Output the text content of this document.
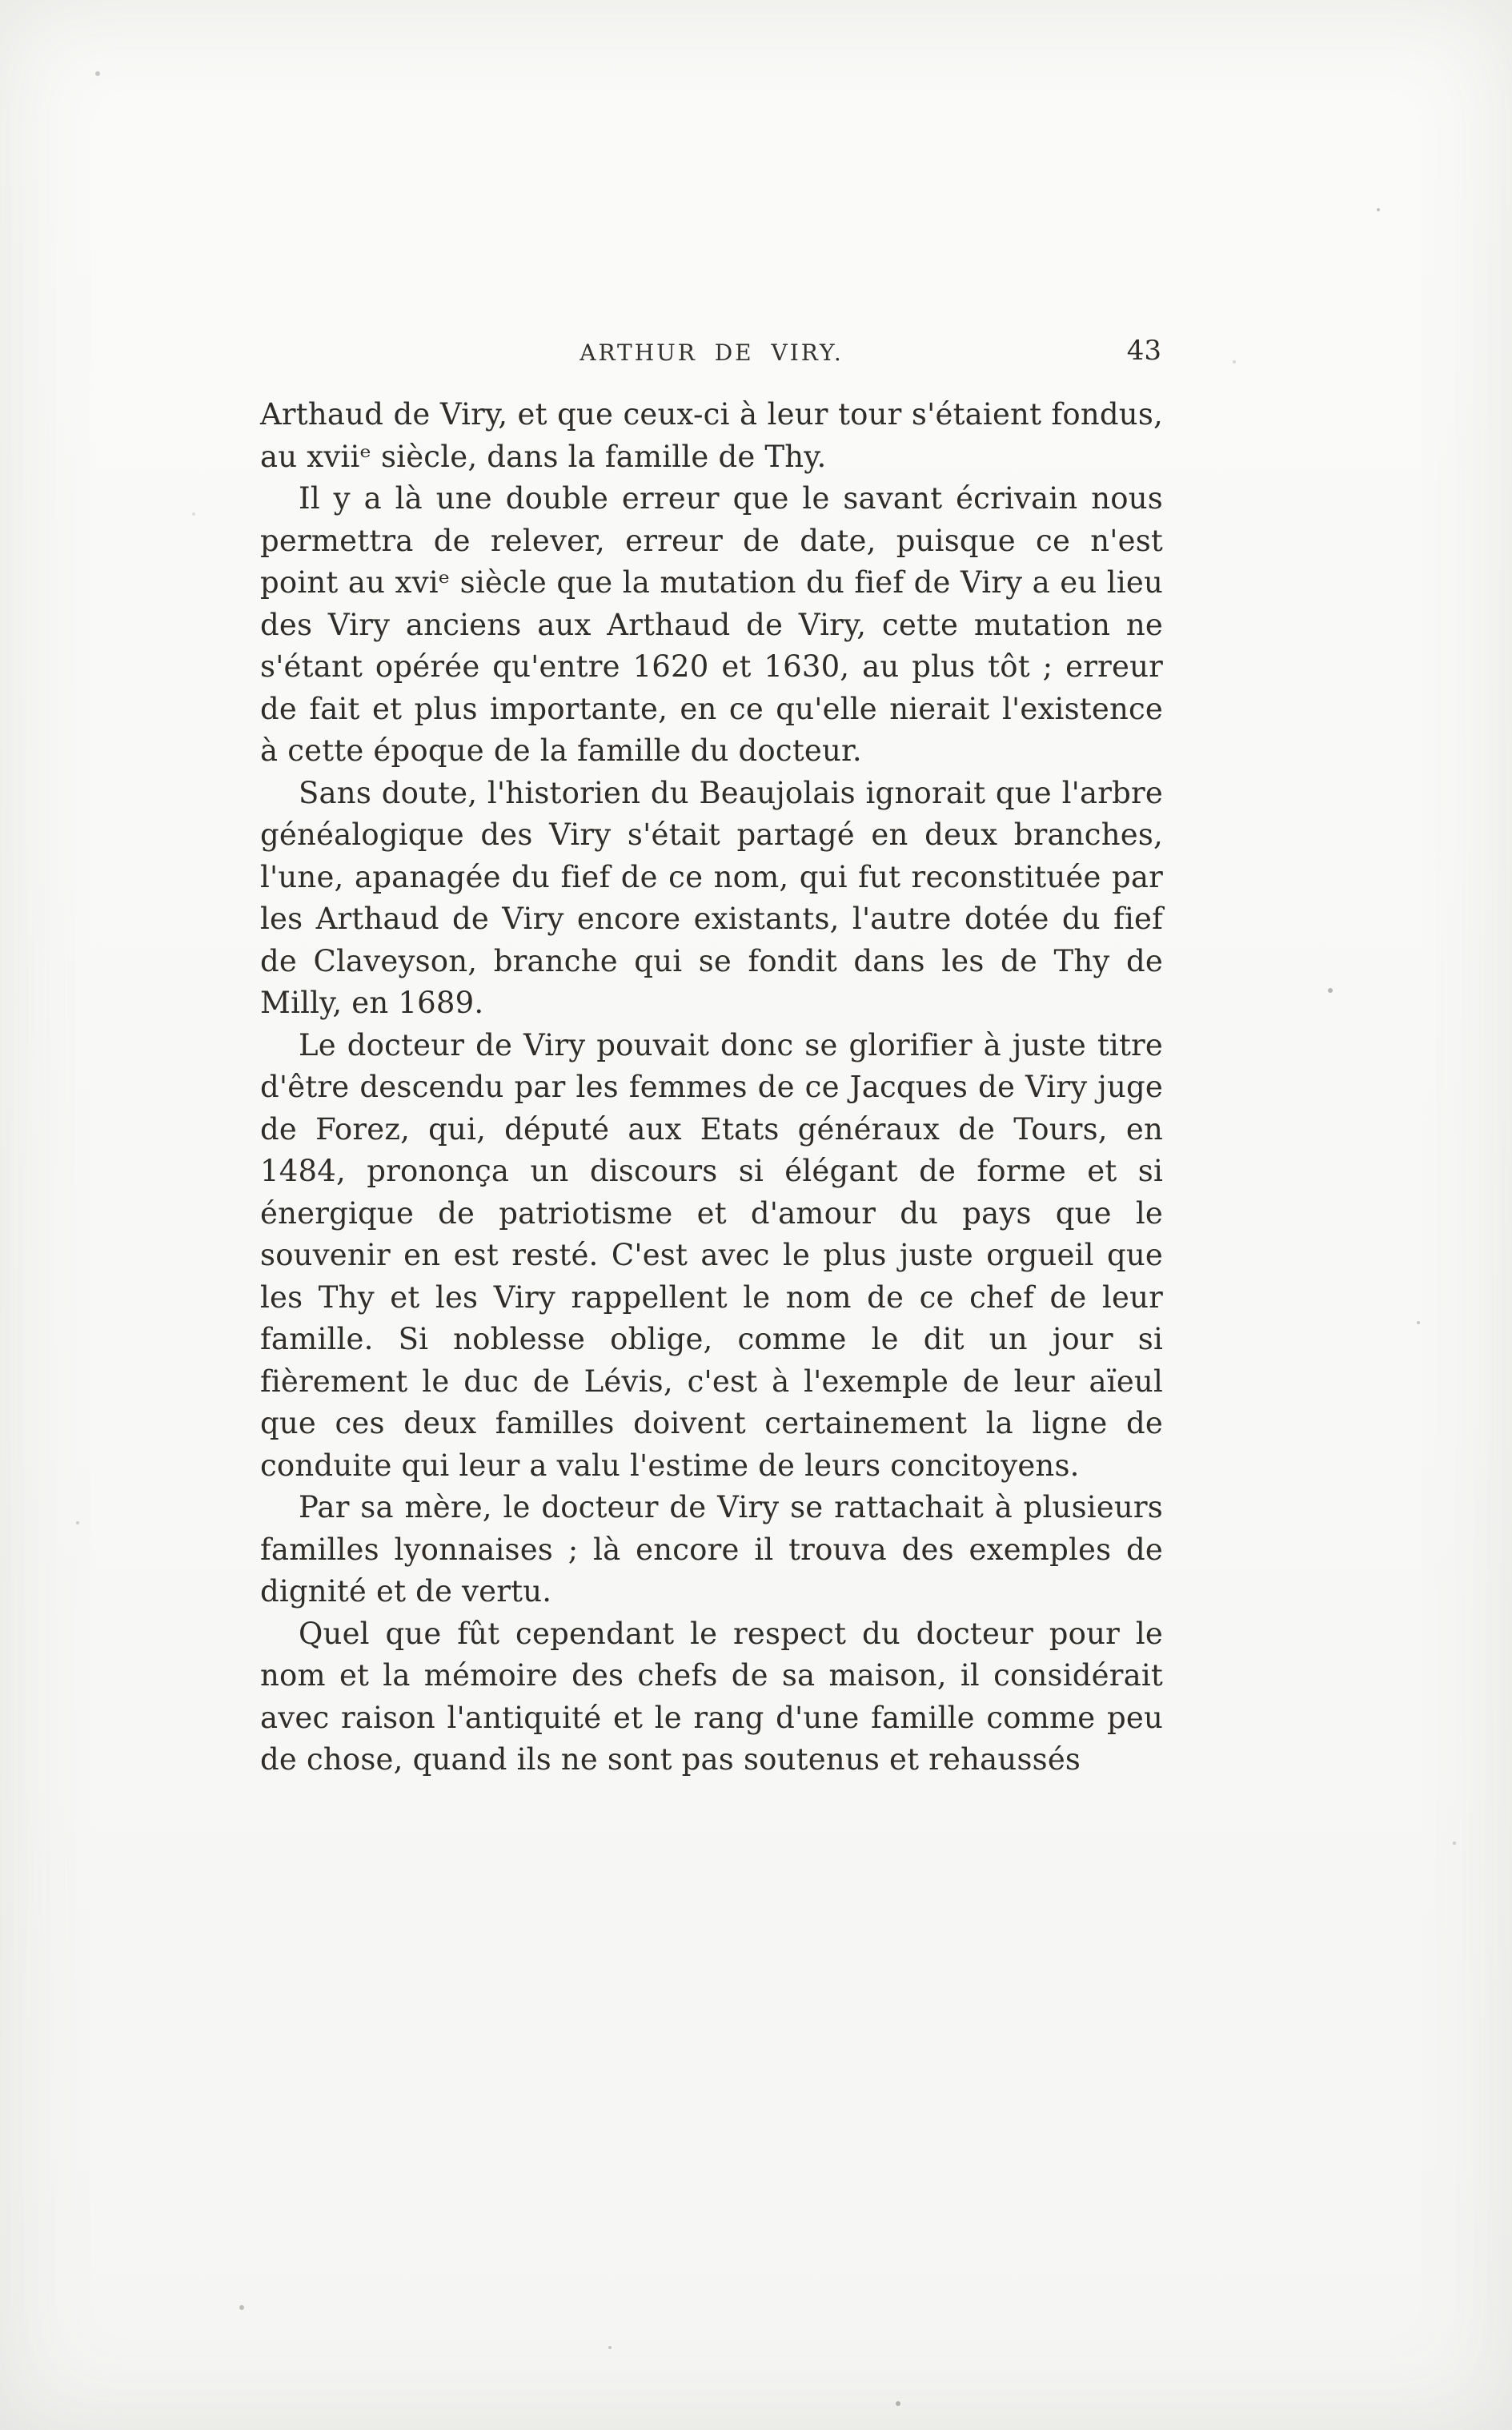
ARTHUR DE VIRY.	43

Arthaud de Viry, et que ceux-ci à leur tour s'étaient fondus, au xviiᵉ siècle, dans la famille de Thy.

Il y a là une double erreur que le savant écrivain nous permettra de relever, erreur de date, puisque ce n'est point au xviᵉ siècle que la mutation du fief de Viry a eu lieu des Viry anciens aux Arthaud de Viry, cette mutation ne s'étant opérée qu'entre 1620 et 1630, au plus tôt ; erreur de fait et plus importante, en ce qu'elle nierait l'existence à cette époque de la famille du docteur.

Sans doute, l'historien du Beaujolais ignorait que l'arbre généalogique des Viry s'était partagé en deux branches, l'une, apanagée du fief de ce nom, qui fut reconstituée par les Arthaud de Viry encore existants, l'autre dotée du fief de Claveyson, branche qui se fondit dans les de Thy de Milly, en 1689.

Le docteur de Viry pouvait donc se glorifier à juste titre d'être descendu par les femmes de ce Jacques de Viry juge de Forez, qui, député aux Etats généraux de Tours, en 1484, prononça un discours si élégant de forme et si énergique de patriotisme et d'amour du pays que le souvenir en est resté. C'est avec le plus juste orgueil que les Thy et les Viry rappellent le nom de ce chef de leur famille. Si noblesse oblige, comme le dit un jour si fièrement le duc de Lévis, c'est à l'exemple de leur aïeul que ces deux familles doivent certainement la ligne de conduite qui leur a valu l'estime de leurs concitoyens.

Par sa mère, le docteur de Viry se rattachait à plusieurs familles lyonnaises ; là encore il trouva des exemples de dignité et de vertu.

Quel que fût cependant le respect du docteur pour le nom et la mémoire des chefs de sa maison, il considérait avec raison l'antiquité et le rang d'une famille comme peu de chose, quand ils ne sont pas soutenus et rehaussés
